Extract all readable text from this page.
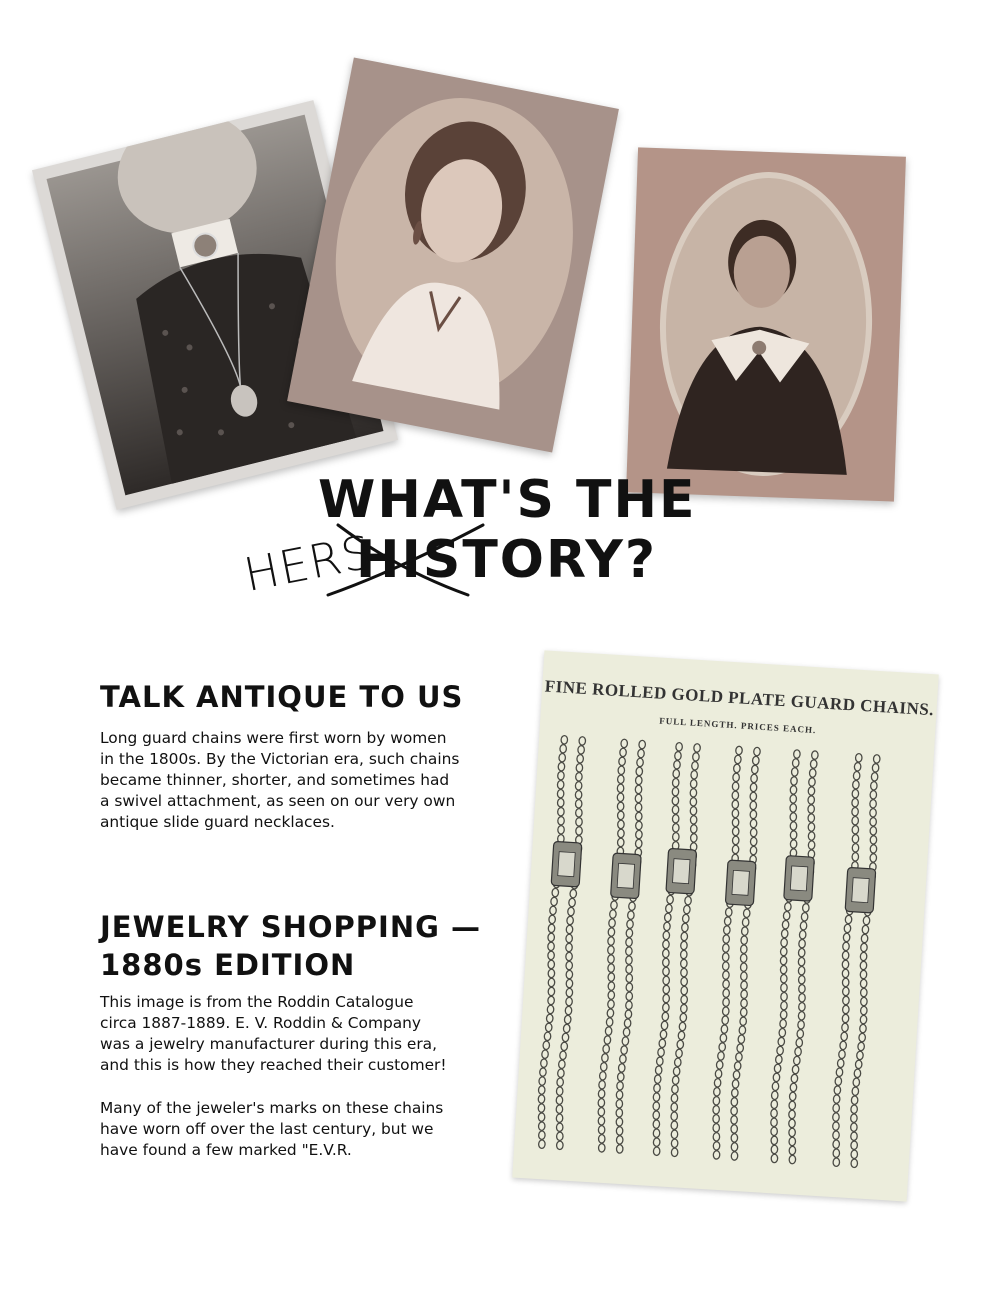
WHAT'S THE
HISTORY?
HERS
TALK ANTIQUE TO US

Long guard chains were first worn by women
in the 1800s. By the Victorian era, such chains
became thinner, shorter, and sometimes had
a swivel attachment, as seen on our very own
antique slide guard necklaces.

JEWELRY SHOPPING —
1880s EDITION

This image is from the Roddin Catalogue
circa 1887-1889. E. V. Roddin & Company
was a jewelry manufacturer during this era,
and this is how they reached their customer!

Many of the jeweler's marks on these chains
have worn off over the last century, but we
have found a few marked "E.V.R.

FINE ROLLED GOLD PLATE GUARD CHAINS.
FULL LENGTH. PRICES EACH.
